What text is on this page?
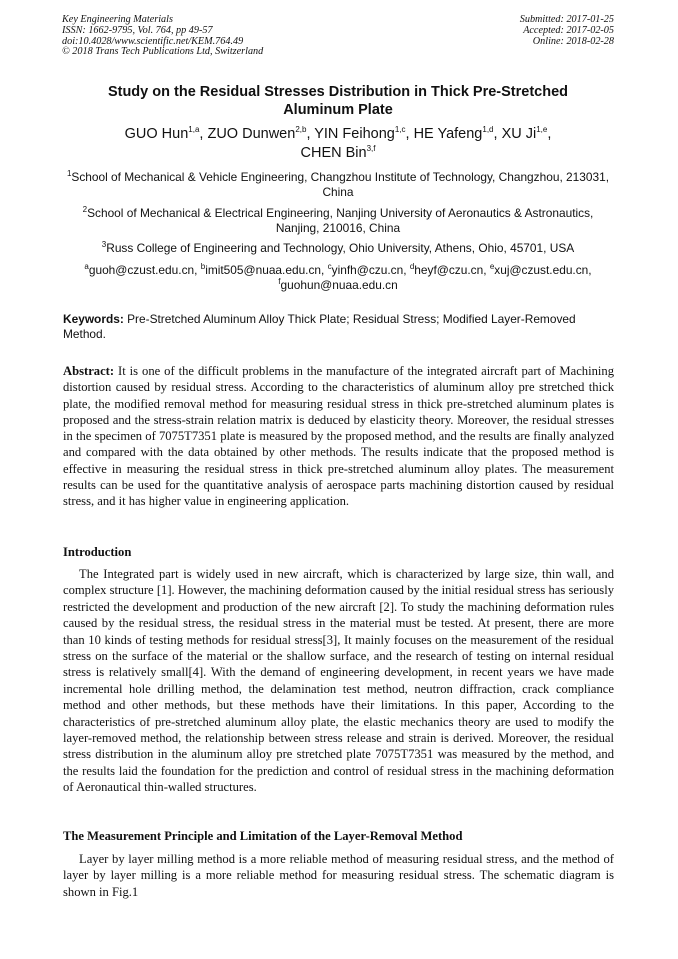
Key Engineering Materials
ISSN: 1662-9795, Vol. 764, pp 49-57
doi:10.4028/www.scientific.net/KEM.764.49
© 2018 Trans Tech Publications Ltd, Switzerland
Submitted: 2017-01-25
Accepted: 2017-02-05
Online: 2018-02-28
Study on the Residual Stresses Distribution in Thick Pre-Stretched
Aluminum Plate
GUO Hun$^{1,a}$, ZUO Dunwen$^{2,b}$, YIN Feihong$^{1,c}$, HE Yafeng$^{1,d}$, XU Ji$^{1,e}$,
CHEN Bin$^{3,f}$
$^1$School of Mechanical & Vehicle Engineering, Changzhou Institute of Technology, Changzhou, 213031, China
$^2$School of Mechanical & Electrical Engineering, Nanjing University of Aeronautics & Astronautics, Nanjing, 210016, China
$^3$Russ College of Engineering and Technology, Ohio University, Athens, Ohio, 45701, USA
$^a$guoh@czust.edu.cn, $^b$imit505@nuaa.edu.cn, $^c$yinfh@czu.cn, $^d$heyf@czu.cn, $^e$xuj@czust.edu.cn,
$^f$guohun@nuaa.edu.cn
Keywords: Pre-Stretched Aluminum Alloy Thick Plate; Residual Stress; Modified Layer-Removed Method.
Abstract: It is one of the difficult problems in the manufacture of the integrated aircraft part of Machining distortion caused by residual stress. According to the characteristics of aluminum alloy pre stretched thick plate, the modified removal method for measuring residual stress in thick pre-stretched aluminum plates is proposed and the stress-strain relation matrix is deduced by elasticity theory. Moreover, the residual stresses in the specimen of 7075T7351 plate is measured by the proposed method, and the results are finally analyzed and compared with the data obtained by other methods. The results indicate that the proposed method is effective in measuring the residual stress in thick pre-stretched aluminum alloy plates. The measurement results can be used for the quantitative analysis of aerospace parts machining distortion caused by residual stress, and it has higher value in engineering application.
Introduction

The Integrated part is widely used in new aircraft, which is characterized by large size, thin wall, and complex structure [1]. However, the machining deformation caused by the initial residual stress has seriously restricted the development and production of the new aircraft [2]. To study the machining deformation rules caused by the residual stress, the residual stress in the material must be tested. At present, there are more than 10 kinds of testing methods for residual stress[3], It mainly focuses on the measurement of the residual stress on the surface of the material or the shallow surface, and the research of testing on internal residual stress is relatively small[4]. With the demand of engineering development, in recent years we have made incremental hole drilling method, the delamination test method, neutron diffraction, crack compliance method and other methods, but these methods have their limitations. In this paper, According to the characteristics of pre-stretched aluminum alloy plate, the elastic mechanics theory are used to modify the layer-removed method, the relationship between stress release and strain is derived. Moreover, the residual stress distribution in the aluminum alloy pre stretched plate 7075T7351 was measured by the method, and the results laid the foundation for the prediction and control of residual stress in the machining deformation of Aeronautical thin-walled structures.

The Measurement Principle and Limitation of the Layer-Removal Method

Layer by layer milling method is a more reliable method of measuring residual stress, and the method of layer by layer milling is a more reliable method for measuring residual stress. The schematic diagram is shown in Fig.1
